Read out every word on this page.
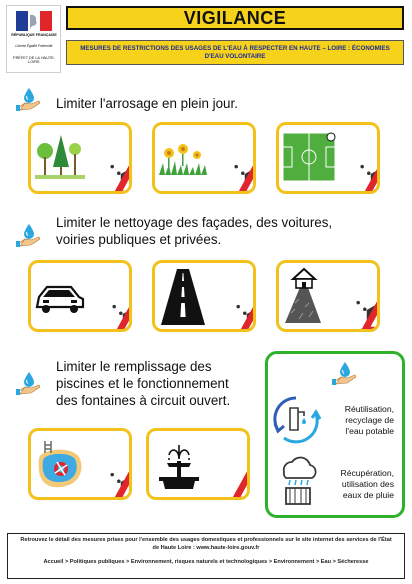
RÉPUBLIQUE FRANÇAISE
Liberté Égalité Fraternité
PRÉFET DE LA HAUTE-LOIRE
VIGILANCE
MESURES DE RESTRICTIONS DES USAGES DE L'EAU À RESPECTER EN HAUTE – LOIRE : ÉCONOMIES D'EAU VOLONTAIRE
Limiter l'arrosage en plein jour.
Limiter le nettoyage des façades, des voitures,
voiries publiques et privées.
Limiter le remplissage des
piscines et le fonctionnement
des fontaines à circuit ouvert.
Réutilisation,
recyclage de
l'eau potable
Récupération,
utilisation des
eaux de pluie
Retrouvez le détail des mesures prises pour l'ensemble des usages domestiques et professionnels sur le site internet des services de l'État de Haute Loire : www.haute-loire.gouv.fr
Accueil > Politiques publiques > Environnement, risques naturels et technologiques > Environnement > Eau > Sécheresse
